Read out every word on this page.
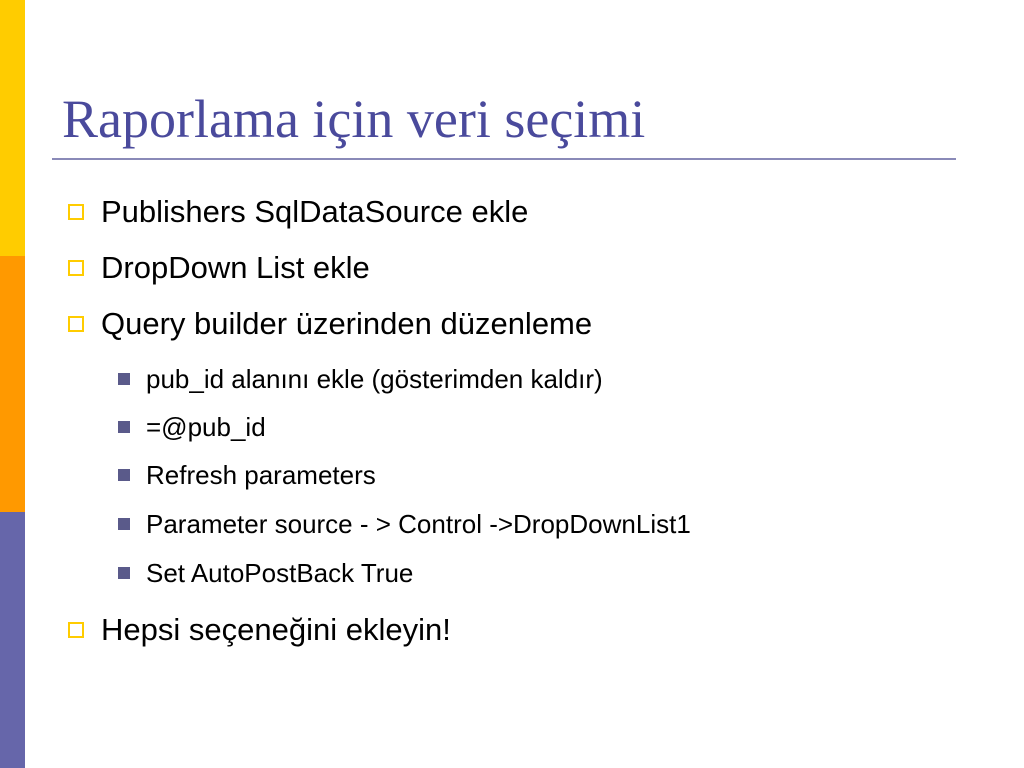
Raporlama için veri seçimi
Publishers SqlDataSource ekle
DropDown List ekle
Query builder üzerinden düzenleme
pub_id alanını ekle (gösterimden kaldır)
=@pub_id
Refresh parameters
Parameter source - > Control ->DropDownList1
Set AutoPostBack True
Hepsi seçeneğini ekleyin!
